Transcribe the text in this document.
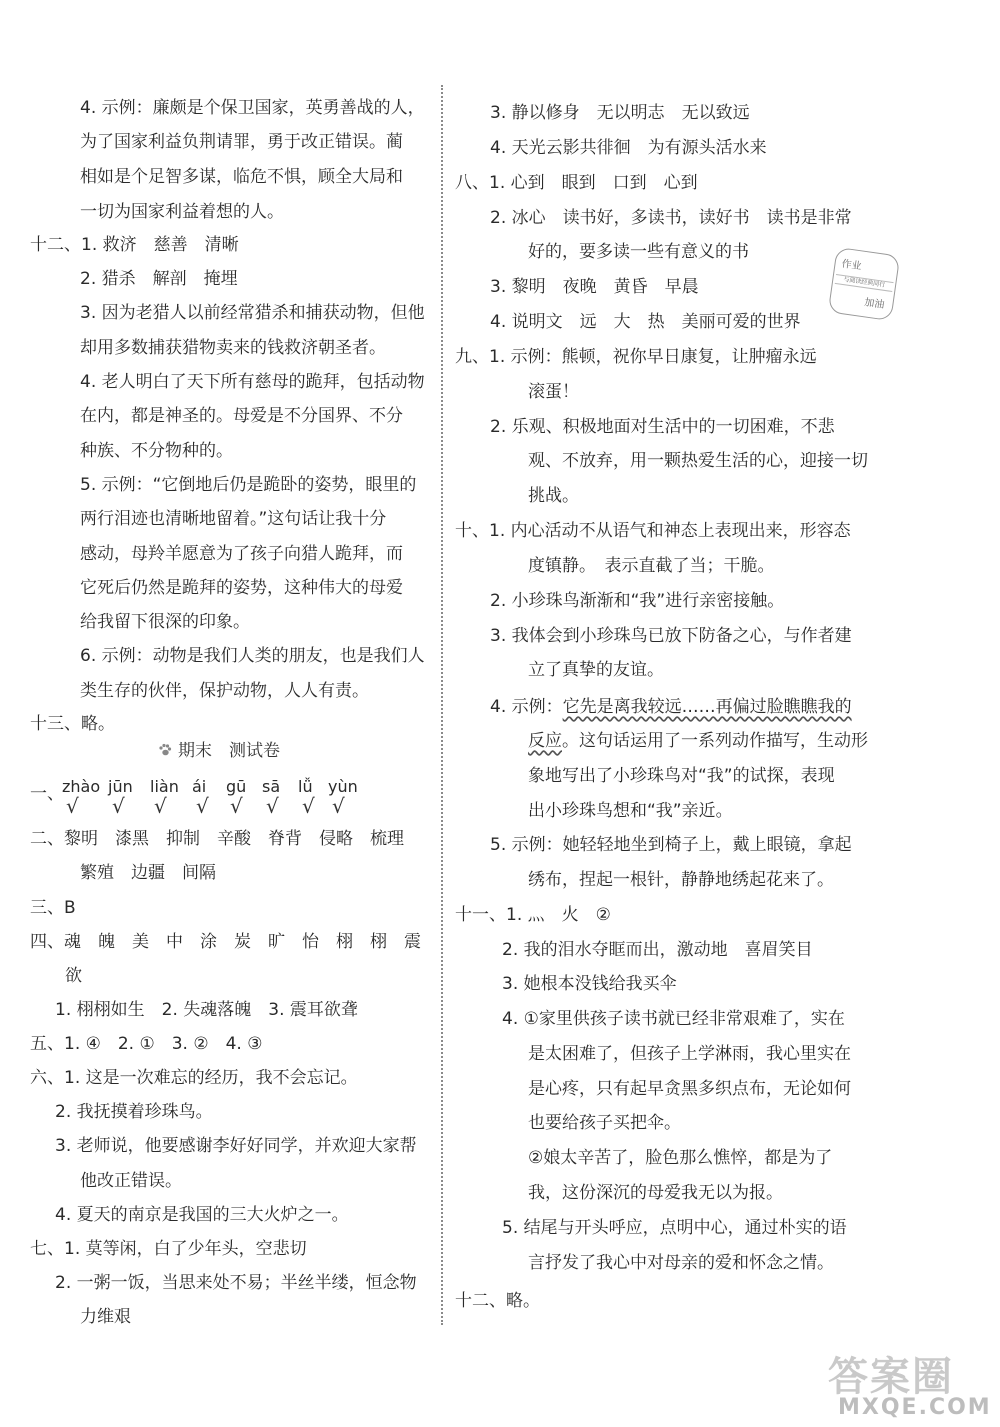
4. 示例：廉颇是个保卫国家，英勇善战的人，
为了国家利益负荆请罪，勇于改正错误。蔺
相如是个足智多谋，临危不惧，顾全大局和
一切为国家利益着想的人。
十二、1. 救济　慈善　清晰
2. 猎杀　解剖　掩埋
3. 因为老猎人以前经常猎杀和捕获动物，但他
却用多数捕获猎物卖来的钱救济朝圣者。
4. 老人明白了天下所有慈母的跪拜，包括动物
在内，都是神圣的。母爱是不分国界、不分
种族、不分物种的。
5. 示例：“它倒地后仍是跪卧的姿势，眼里的
两行泪迹也清晰地留着。”这句话让我十分
感动，母羚羊愿意为了孩子向猎人跪拜，而
它死后仍然是跪拜的姿势，这种伟大的母爱
给我留下很深的印象。
6. 示例：动物是我们人类的朋友，也是我们人
类生存的伙伴，保护动物，人人有责。
十三、略。
二、黎明　漆黑　抑制　辛酸　脊背　侵略　梳理
繁殖　边疆　间隔
三、B
四、魂　魄　美　中　涂　炭　旷　怡　栩　栩　震
欲
1. 栩栩如生　2. 失魂落魄　3. 震耳欲聋
五、1. ④　2. ①　3. ②　4. ③
六、1. 这是一次难忘的经历，我不会忘记。
2. 我抚摸着珍珠鸟。
3. 老师说，他要感谢李好好同学，并欢迎大家帮
他改正错误。
4. 夏天的南京是我国的三大火炉之一。
七、1. 莫等闲，白了少年头，空悲切
2. 一粥一饭，当思来处不易；半丝半缕，恒念物
力维艰
3. 静以修身　无以明志　无以致远
4. 天光云影共徘徊　为有源头活水来
八、1. 心到　眼到　口到　心到
2. 冰心　读书好，多读书，读好书　读书是非常
好的，要多读一些有意义的书
3. 黎明　夜晚　黄昏　早晨
4. 说明文　远　大　热　美丽可爱的世界
九、1. 示例：熊顿，祝你早日康复，让肿瘤永远
滚蛋！
2. 乐观、积极地面对生活中的一切困难，不悲
观、不放弃，用一颗热爱生活的心，迎接一切
挑战。
十、1. 内心活动不从语气和神态上表现出来，形容态
度镇静。　表示直截了当；干脆。
2. 小珍珠鸟渐渐和“我”进行亲密接触。
3. 我体会到小珍珠鸟已放下防备之心，与作者建
立了真挚的友谊。
5. 示例：她轻轻地坐到椅子上，戴上眼镜，拿起
绣布，捏起一根针，静静地绣起花来了。
十一、1. 灬　火　②
2. 我的泪水夺眶而出，激动地　喜眉笑目
3. 她根本没钱给我买伞
4. ①家里供孩子读书就已经非常艰难了，实在
是太困难了，但孩子上学淋雨，我心里实在
是心疼，只有起早贪黑多织点布，无论如何
也要给孩子买把伞。
②娘太辛苦了，脸色那么憔悴，都是为了
我，这份深沉的母爱我无以为报。
5. 结尾与开头呼应，点明中心，通过朴实的语
言抒发了我心中对母亲的爱和怀念之情。
十二、略。
期末　测试卷
一、
4. 示例：它先是离我较远……再偏过脸瞧瞧我的
反应。这句话运用了一系列动作描写，生动形
象地写出了小珍珠鸟对“我”的试探，表现
出小珍珠鸟想和“我”亲近。
作业
与阅读经典同行
加油
答案圈
MXQE.COM
zhào
√
jūn
√
liàn
√
ái
√
gū
√
sā
√
lǚ
√
yùn
√
